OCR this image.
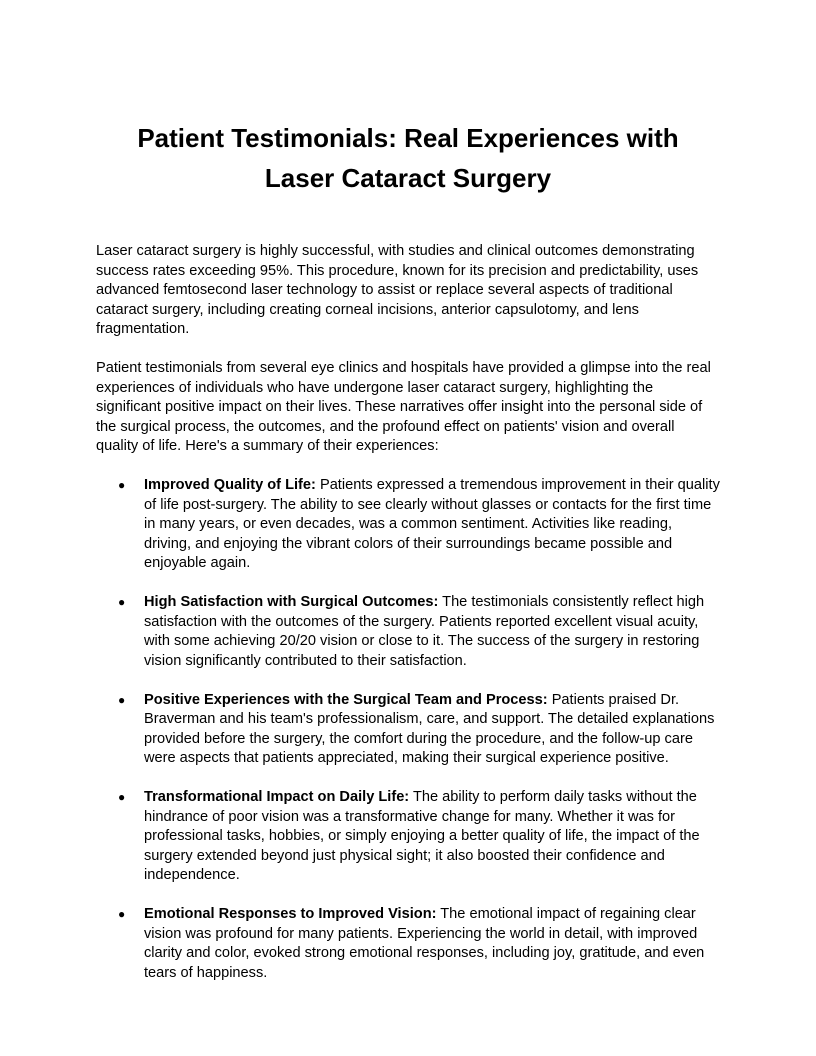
Patient Testimonials: Real Experiences with
Laser Cataract Surgery

Laser cataract surgery is highly successful, with studies and clinical outcomes demonstrating success rates exceeding 95%. This procedure, known for its precision and predictability, uses advanced femtosecond laser technology to assist or replace several aspects of traditional cataract surgery, including creating corneal incisions, anterior capsulotomy, and lens fragmentation.

Patient testimonials from several eye clinics and hospitals have provided a glimpse into the real experiences of individuals who have undergone laser cataract surgery, highlighting the significant positive impact on their lives. These narratives offer insight into the personal side of the surgical process, the outcomes, and the profound effect on patients' vision and overall quality of life. Here's a summary of their experiences:

● Improved Quality of Life: Patients expressed a tremendous improvement in their quality of life post-surgery. The ability to see clearly without glasses or contacts for the first time in many years, or even decades, was a common sentiment. Activities like reading, driving, and enjoying the vibrant colors of their surroundings became possible and enjoyable again.
● High Satisfaction with Surgical Outcomes: The testimonials consistently reflect high satisfaction with the outcomes of the surgery. Patients reported excellent visual acuity, with some achieving 20/20 vision or close to it. The success of the surgery in restoring vision significantly contributed to their satisfaction.
● Positive Experiences with the Surgical Team and Process: Patients praised Dr. Braverman and his team's professionalism, care, and support. The detailed explanations provided before the surgery, the comfort during the procedure, and the follow-up care were aspects that patients appreciated, making their surgical experience positive.
● Transformational Impact on Daily Life: The ability to perform daily tasks without the hindrance of poor vision was a transformative change for many. Whether it was for professional tasks, hobbies, or simply enjoying a better quality of life, the impact of the surgery extended beyond just physical sight; it also boosted their confidence and independence.
● Emotional Responses to Improved Vision: The emotional impact of regaining clear vision was profound for many patients. Experiencing the world in detail, with improved clarity and color, evoked strong emotional responses, including joy, gratitude, and even tears of happiness.
